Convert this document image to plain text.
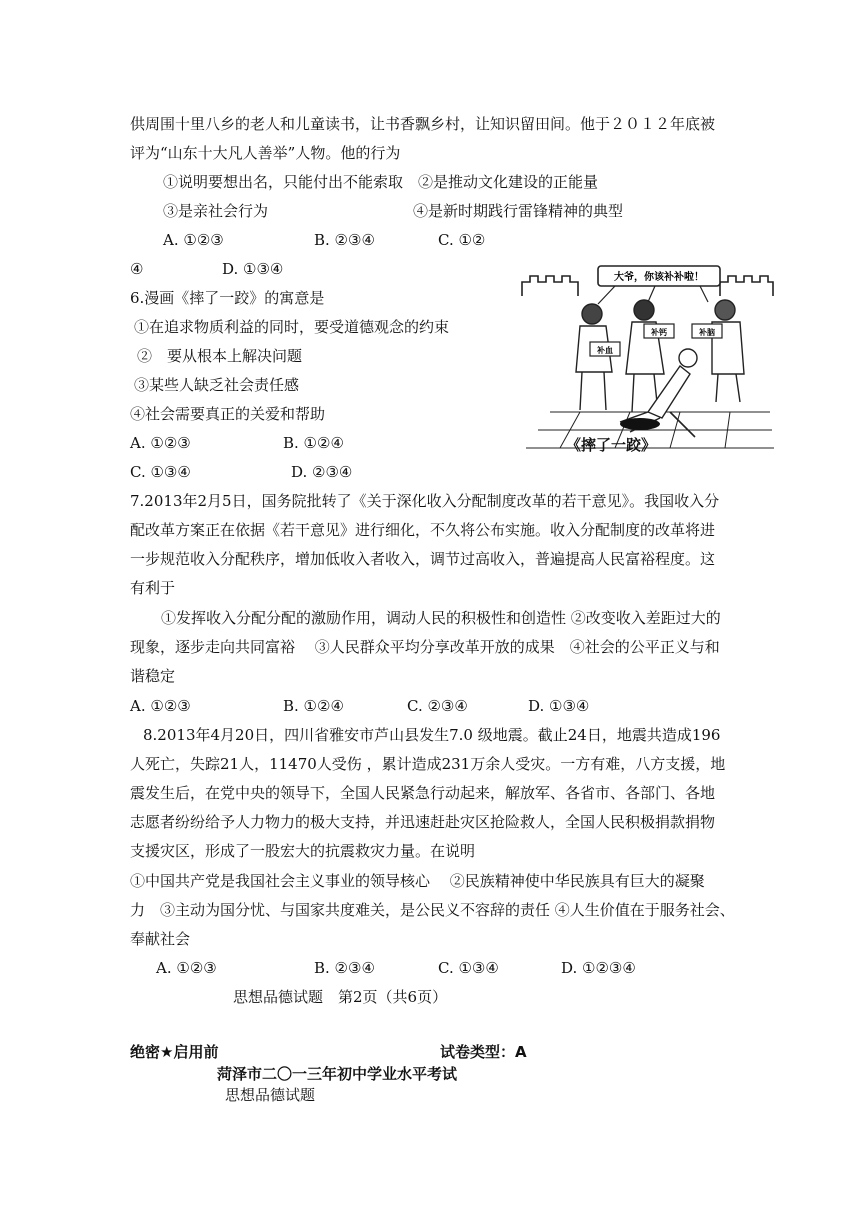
供周围十里八乡的老人和儿童读书，让书香飘乡村，让知识留田间。他于２０１２年底被
评为“山东十大凡人善举”人物。他的行为
①说明要想出名，只能付出不能索取 ②是推动文化建设的正能量
③是亲社会行为	④是新时期践行雷锋精神的典型
A. ①②③	B. ②③④	C. ①②
④	D. ①③④
6.漫画《摔了一跤》的寓意是
①在追求物质利益的同时，要受道德观念的约束
②　要从根本上解决问题
③某些人缺乏社会责任感
④社会需要真正的关爱和帮助
A. ①②③	B. ①②④
C. ①③④	D. ②③④
大爷，你该补补啦！
补血
补钙	补脑
《摔了一跤》
7.2013年2月5日，国务院批转了《关于深化收入分配制度改革的若干意见》。我国收入分
配改革方案正在依据《若干意见》进行细化，不久将公布实施。收入分配制度的改革将进
一步规范收入分配秩序，增加低收入者收入，调节过高收入，普遍提高人民富裕程度。这
有利于
①发挥收入分配分配的激励作用，调动人民的积极性和创造性 ②改变收入差距过大的
现象，逐步走向共同富裕　 ③人民群众平均分享改革开放的成果　④社会的公平正义与和
谐稳定
A. ①②③	B. ①②④	C. ②③④	D. ①③④
8.2013年4月20日，四川省雅安市芦山县发生7.0 级地震。截止24日，地震共造成196
人死亡，失踪21人，11470人受伤 ，累计造成231万余人受灾。一方有难，八方支援，地
震发生后，在党中央的领导下，全国人民紧急行动起来，解放军、各省市、各部门、各地
志愿者纷纷给予人力物力的极大支持，并迅速赶赴灾区抢险救人，全国人民积极捐款捐物
支援灾区，形成了一股宏大的抗震救灾力量。在说明
①中国共产党是我国社会主义事业的领导核心　 ②民族精神使中华民族具有巨大的凝聚
力　③主动为国分忧、与国家共度难关，是公民义不容辞的责任 ④人生价值在于服务社会、
奉献社会
A. ①②③	B. ②③④	C. ①③④	D. ①②③④
思想品德试题　第2页（共6页）
绝密★启用前	试卷类型：A
菏泽市二〇一三年初中学业水平考试
思想品德试题
